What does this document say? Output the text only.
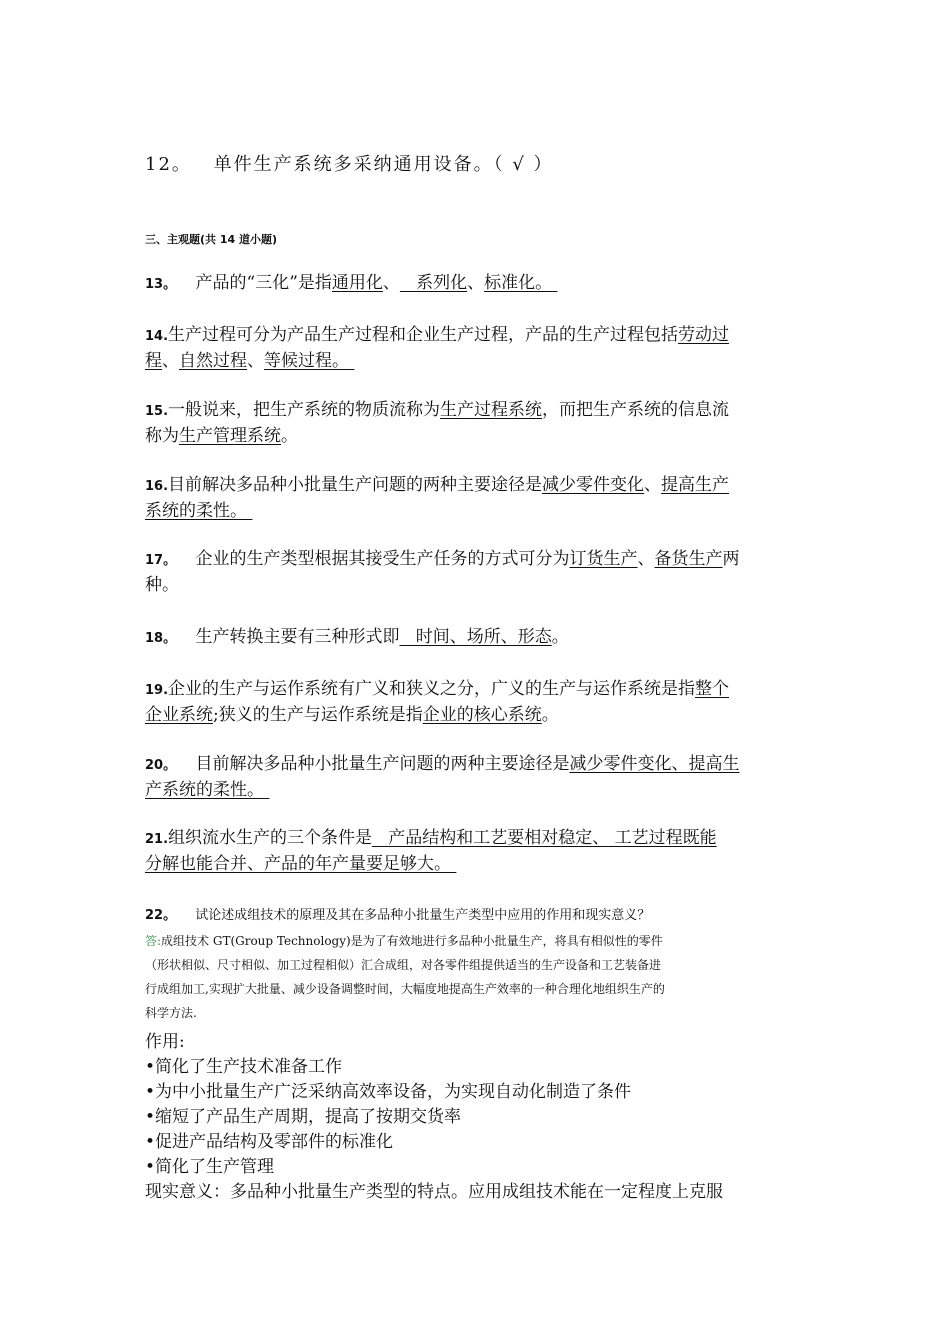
12。 单件生产系统多采纳通用设备。（ √ ）
三、主观题(共 14 道小题)
13。 产品的“三化”是指通用化、 系列化、标准化。
14.生产过程可分为产品生产过程和企业生产过程，产品的生产过程包括劳动过
程、自然过程、等候过程。
15.一般说来，把生产系统的物质流称为生产过程系统，而把生产系统的信息流
称为生产管理系统。
16.目前解决多品种小批量生产问题的两种主要途径是减少零件变化、提高生产
系统的柔性。
17。 企业的生产类型根据其接受生产任务的方式可分为订货生产、备货生产两
种。
18。 生产转换主要有三种形式即 时间、场所、形态。
19.企业的生产与运作系统有广义和狭义之分，广义的生产与运作系统是指整个
企业系统;狭义的生产与运作系统是指企业的核心系统。
20。 目前解决多品种小批量生产问题的两种主要途径是减少零件变化、提高生
产系统的柔性。
21.组织流水生产的三个条件是 产品结构和工艺要相对稳定、 工艺过程既能
分解也能合并、产品的年产量要足够大。
22。 试论述成组技术的原理及其在多品种小批量生产类型中应用的作用和现实意义？
答:成组技术 GT(Group Technology)是为了有效地进行多品种小批量生产，将具有相似性的零件
（形状相似、尺寸相似、加工过程相似）汇合成组，对各零件组提供适当的生产设备和工艺装备进
行成组加工,实现扩大批量、减少设备调整时间，大幅度地提高生产效率的一种合理化地组织生产的
科学方法.
作用:
•简化了生产技术准备工作
•为中小批量生产广泛采纳高效率设备，为实现自动化制造了条件
•缩短了产品生产周期，提高了按期交货率
•促进产品结构及零部件的标准化
•简化了生产管理
现实意义：多品种小批量生产类型的特点。应用成组技术能在一定程度上克服
